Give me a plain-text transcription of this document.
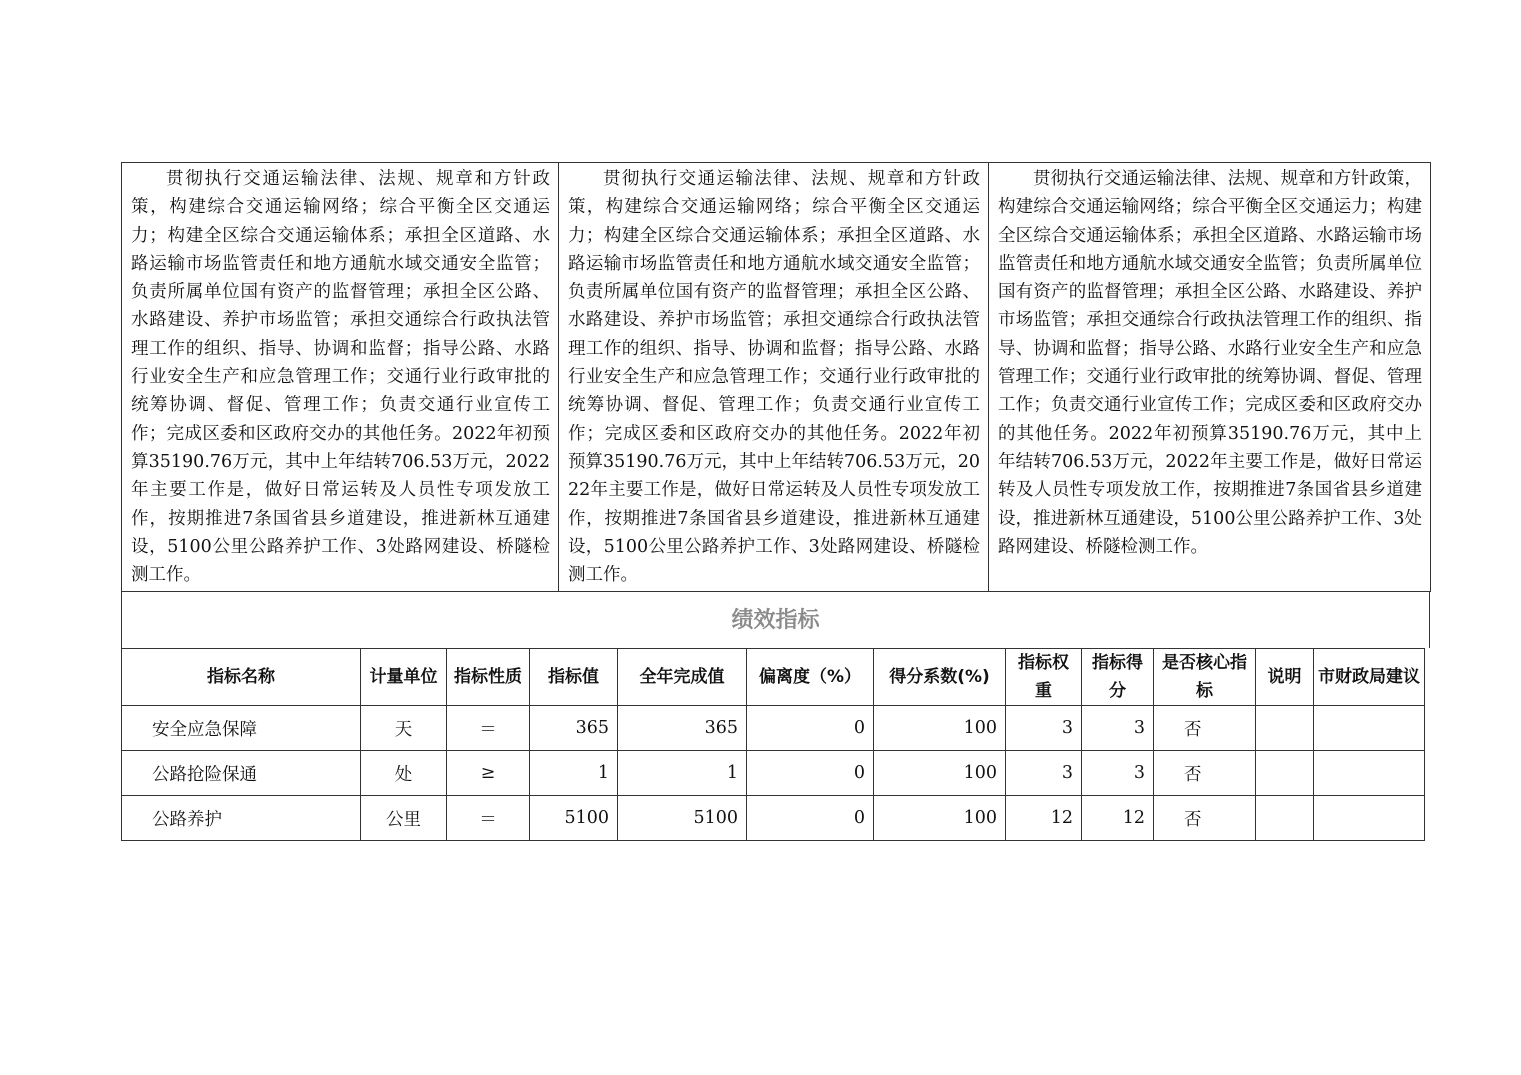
贯彻执行交通运输法律、法规、规章和方针政策，构建综合交通运输网络；综合平衡全区交通运力；构建全区综合交通运输体系；承担全区道路、水路运输市场监管责任和地方通航水域交通安全监管；负责所属单位国有资产的监督管理；承担全区公路、水路建设、养护市场监管；承担交通综合行政执法管理工作的组织、指导、协调和监督；指导公路、水路行业安全生产和应急管理工作；交通行业行政审批的统筹协调、督促、管理工作；负责交通行业宣传工作；完成区委和区政府交办的其他任务。2022年初预算35190.76万元，其中上年结转706.53万元，2022年主要工作是，做好日常运转及人员性专项发放工作，按期推进7条国省县乡道建设，推进新林互通建设，5100公里公路养护工作、3处路网建设、桥隧检测工作。	贯彻执行交通运输法律、法规、规章和方针政策，构建综合交通运输网络；综合平衡全区交通运力；构建全区综合交通运输体系；承担全区道路、水路运输市场监管责任和地方通航水域交通安全监管；负责所属单位国有资产的监督管理；承担全区公路、水路建设、养护市场监管；承担交通综合行政执法管理工作的组织、指导、协调和监督；指导公路、水路行业安全生产和应急管理工作；交通行业行政审批的统筹协调、督促、管理工作；负责交通行业宣传工作；完成区委和区政府交办的其他任务。2022年初预算35190.76万元，其中上年结转706.53万元，2022年主要工作是，做好日常运转及人员性专项发放工作，按期推进7条国省县乡道建设，推进新林互通建设，5100公里公路养护工作、3处路网建设、桥隧检测工作。	贯彻执行交通运输法律、法规、规章和方针政策，构建综合交通运输网络；综合平衡全区交通运力；构建全区综合交通运输体系；承担全区道路、水路运输市场监管责任和地方通航水域交通安全监管；负责所属单位国有资产的监督管理；承担全区公路、水路建设、养护市场监管；承担交通综合行政执法管理工作的组织、指导、协调和监督；指导公路、水路行业安全生产和应急管理工作；交通行业行政审批的统筹协调、督促、管理工作；负责交通行业宣传工作；完成区委和区政府交办的其他任务。2022年初预算35190.76万元，其中上年结转706.53万元，2022年主要工作是，做好日常运转及人员性专项发放工作，按期推进7条国省县乡道建设，推进新林互通建设，5100公里公路养护工作、3处路网建设、桥隧检测工作。
绩效指标
指标名称	计量单位	指标性质	指标值	全年完成值	偏离度（%）	得分系数(%)	指标权重	指标得分	是否核心指标	说明	市财政局建议
安全应急保障	天	＝	365	365	0	100	3	3	否		
公路抢险保通	处	≥	1	1	0	100	3	3	否		
公路养护	公里	＝	5100	5100	0	100	12	12	否		
